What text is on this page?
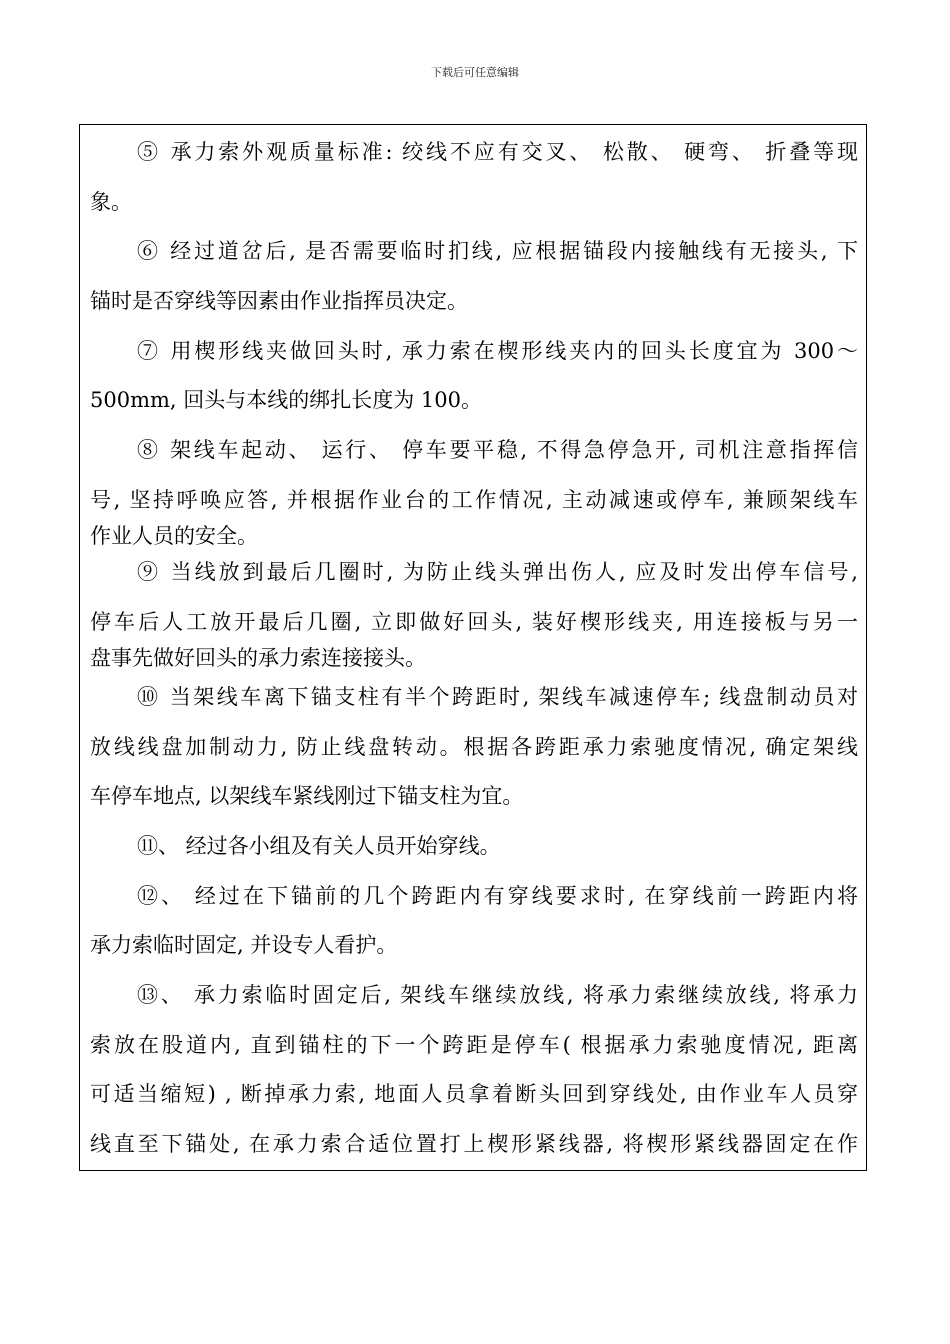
下载后可任意编辑
⑤ 承力索外观质量标准: 绞线不应有交叉、 松散、 硬弯、 折叠等现
象。
⑥ 经过道岔后, 是否需要临时扪线, 应根据锚段内接触线有无接头, 下
锚时是否穿线等因素由作业指挥员决定。
⑦ 用楔形线夹做回头时, 承力索在楔形线夹内的回头长度宜为 300～
500mm, 回头与本线的绑扎长度为 100。
⑧ 架线车起动、 运行、 停车要平稳, 不得急停急开, 司机注意指挥信
号, 坚持呼唤应答, 并根据作业台的工作情况, 主动减速或停车, 兼顾架线车
作业人员的安全。
⑨ 当线放到最后几圈时, 为防止线头弹出伤人, 应及时发出停车信号,
停车后人工放开最后几圈, 立即做好回头, 装好楔形线夹, 用连接板与另一
盘事先做好回头的承力索连接接头。
⑩ 当架线车离下锚支柱有半个跨距时, 架线车减速停车; 线盘制动员对
放线线盘加制动力, 防止线盘转动。根据各跨距承力索驰度情况, 确定架线
车停车地点, 以架线车紧线刚过下锚支柱为宜。
⑪、 经过各小组及有关人员开始穿线。
⑫、 经过在下锚前的几个跨距内有穿线要求时, 在穿线前一跨距内将
承力索临时固定, 并设专人看护。
⑬、 承力索临时固定后, 架线车继续放线, 将承力索继续放线, 将承力
索放在股道内, 直到锚柱的下一个跨距是停车( 根据承力索驰度情况, 距离
可适当缩短) , 断掉承力索, 地面人员拿着断头回到穿线处, 由作业车人员穿
线直至下锚处, 在承力索合适位置打上楔形紧线器, 将楔形紧线器固定在作
